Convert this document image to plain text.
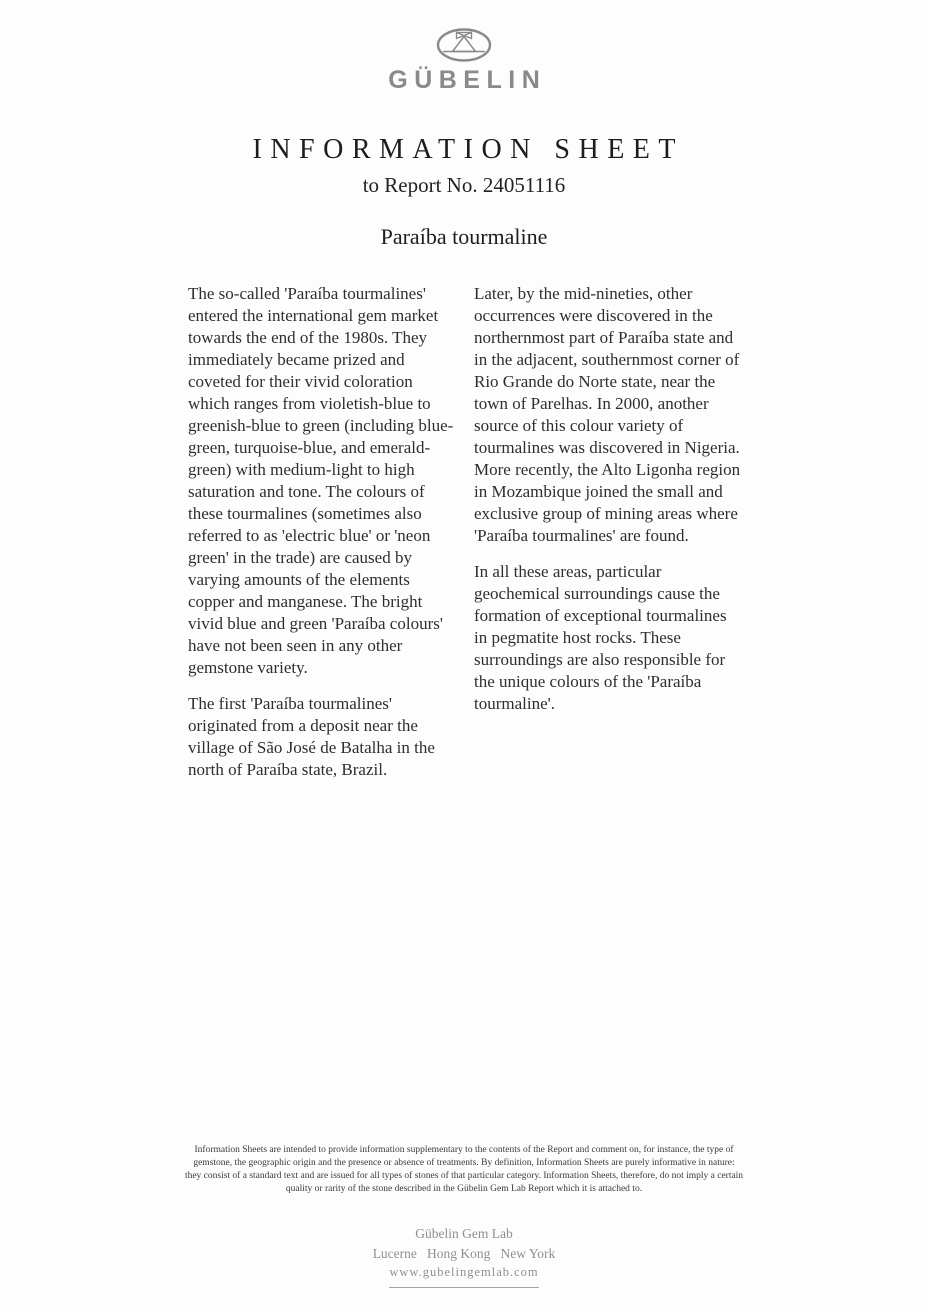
GÜBELIN
INFORMATION SHEET
to Report No. 24051116
Paraíba tourmaline

The so-called 'Paraíba tourmalines' entered the international gem market towards the end of the 1980s. They immediately became prized and coveted for their vivid coloration which ranges from violetish-blue to greenish-blue to green (including blue-green, turquoise-blue, and emerald-green) with medium-light to high saturation and tone. The colours of these tourmalines (sometimes also referred to as 'electric blue' or 'neon green' in the trade) are caused by varying amounts of the elements copper and manganese. The bright vivid blue and green 'Paraíba colours' have not been seen in any other gemstone variety.

The first 'Paraíba tourmalines' originated from a deposit near the village of São José de Batalha in the north of Paraíba state, Brazil.

Later, by the mid-nineties, other occurrences were discovered in the northernmost part of Paraíba state and in the adjacent, southernmost corner of Rio Grande do Norte state, near the town of Parelhas. In 2000, another source of this colour variety of tourmalines was discovered in Nigeria. More recently, the Alto Ligonha region in Mozambique joined the small and exclusive group of mining areas where 'Paraíba tourmalines' are found.

In all these areas, particular geochemical surroundings cause the formation of exceptional tourmalines in pegmatite host rocks. These surroundings are also responsible for the unique colours of the 'Paraíba tourmaline'.

Information Sheets are intended to provide information supplementary to the contents of the Report and comment on, for instance, the type of gemstone, the geographic origin and the presence or absence of treatments. By definition, Information Sheets are purely informative in nature: they consist of a standard text and are issued for all types of stones of that particular category. Information Sheets, therefore, do not imply a certain quality or rarity of the stone described in the Gübelin Gem Lab Report which it is attached to.
Gübelin Gem Lab
Lucerne   Hong Kong   New York
www.gubelingemlab.com
